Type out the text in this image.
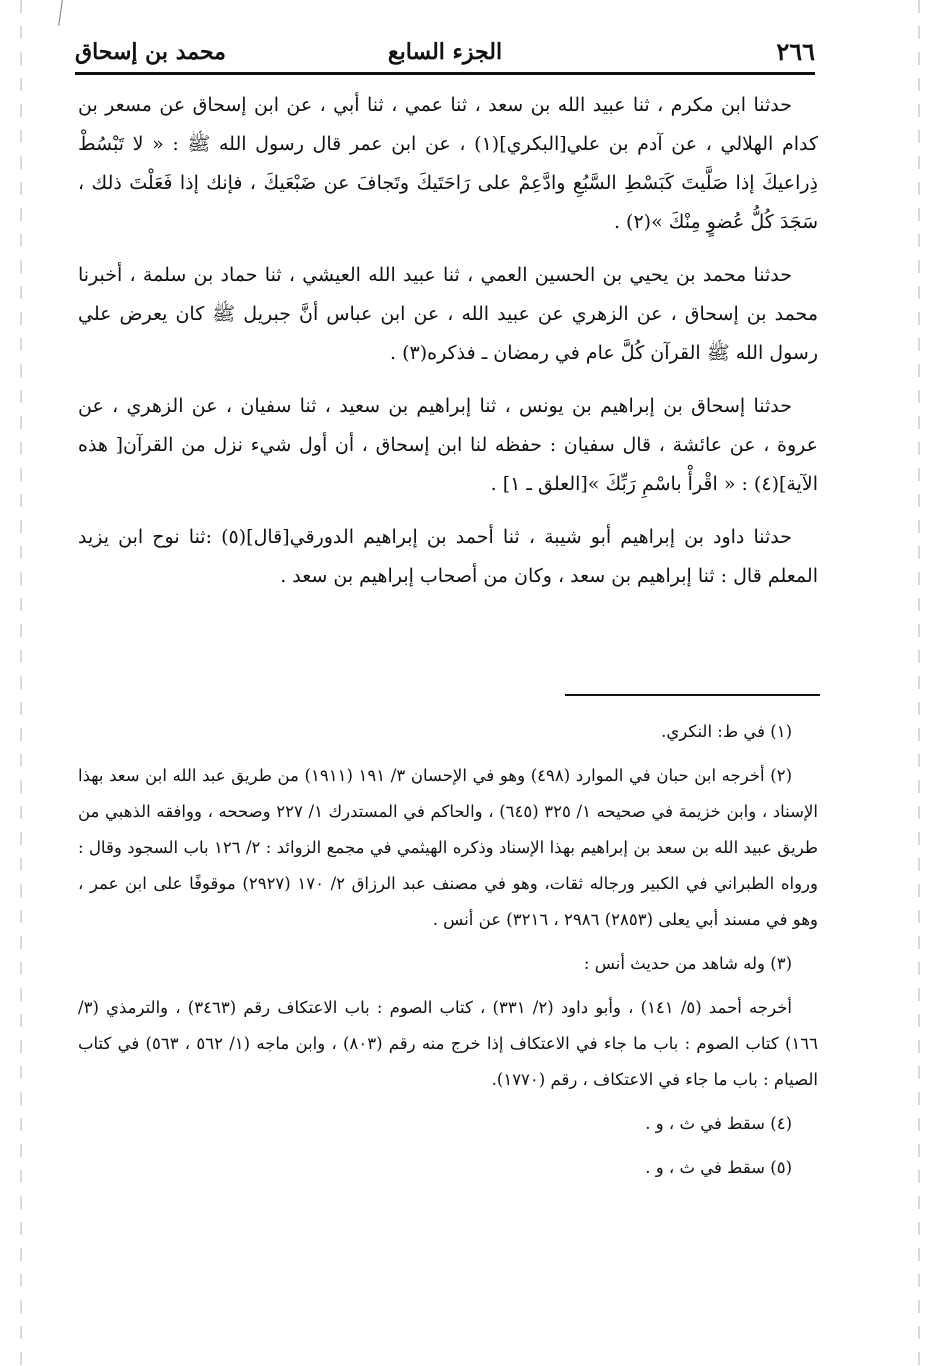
٢٦٦
الجزء السابع
محمد بن إسحاق

حدثنا ابن مكرم ، ثنا عبيد الله بن سعد ، ثنا عمي ، ثنا أبي ، عن ابن إسحاق عن مسعر بن كدام الهلالي ، عن آدم بن علي[البكري](١) ، عن ابن عمر قال رسول الله ﷺ : « لا تَبْسُطْ ذِراعيكَ إذا صَلَّيتَ كَبَسْطِ السَّبُعِ وادَّعِمْ على رَاحَتَيكَ وتَجافَ عن ضَبْعَيكَ ، فإنك إذا فَعَلْتَ ذلك ، سَجَدَ كُلُّ عُضوٍ مِنْكَ »(٢) .

حدثنا محمد بن يحيي بن الحسين العمي ، ثنا عبيد الله العيشي ، ثنا حماد بن سلمة ، أخبرنا محمد بن إسحاق ، عن الزهري عن عبيد الله ، عن ابن عباس أنَّ جبريل ﷺ كان يعرض علي رسول الله ﷺ القرآن كُلَّ عام في رمضان ـ فذكره(٣) .

حدثنا إسحاق بن إبراهيم بن يونس ، ثنا إبراهيم بن سعيد ، ثنا سفيان ، عن الزهري ، عن عروة ، عن عائشة ، قال سفيان : حفظه لنا ابن إسحاق ، أن أول شيء نزل من القرآن[ هذه الآية](٤) : « اقْرأْ باسْمِ رَبِّكَ »[العلق ـ ١] .

حدثنا داود بن إبراهيم أبو شيبة ، ثنا أحمد بن إبراهيم الدورقي[قال](٥) :ثنا نوح ابن يزيد المعلم قال : ثنا إبراهيم بن سعد ، وكان من أصحاب إبراهيم بن سعد .

(١) في ط: النكري.

(٢) أخرجه ابن حبان في الموارد (٤٩٨) وهو في الإحسان ٣/ ١٩١ (١٩١١) من طريق عبد الله ابن سعد بهذا الإسناد ، وابن خزيمة في صحيحه ١/ ٣٢٥ (٦٤٥) ، والحاكم في المستدرك ١/ ٢٢٧ وصححه ، ووافقه الذهبي من طريق عبيد الله بن سعد بن إبراهيم بهذا الإسناد وذكره الهيثمي في مجمع الزوائد : ٢/ ١٢٦ باب السجود وقال : ورواه الطبراني في الكبير ورجاله ثقات، وهو في مصنف عبد الرزاق ٢/ ١٧٠ (٢٩٢٧) موقوفًا على ابن عمر ، وهو في مسند أبي يعلى (٢٨٥٣) ٢٩٨٦ ، ٣٢١٦) عن أنس .

(٣) وله شاهد من حديث أنس :

أخرجه أحمد (٥/ ١٤١) ، وأبو داود (٢/ ٣٣١) ، كتاب الصوم : باب الاعتكاف رقم (٣٤٦٣) ، والترمذي (٣/ ١٦٦) كتاب الصوم : باب ما جاء في الاعتكاف إذا خرج منه رقم (٨٠٣) ، وابن ماجه (١/ ٥٦٢ ، ٥٦٣) في كتاب الصيام : باب ما جاء في الاعتكاف ، رقم (١٧٧٠).

(٤) سقط في ث ، و .

(٥) سقط في ث ، و .
